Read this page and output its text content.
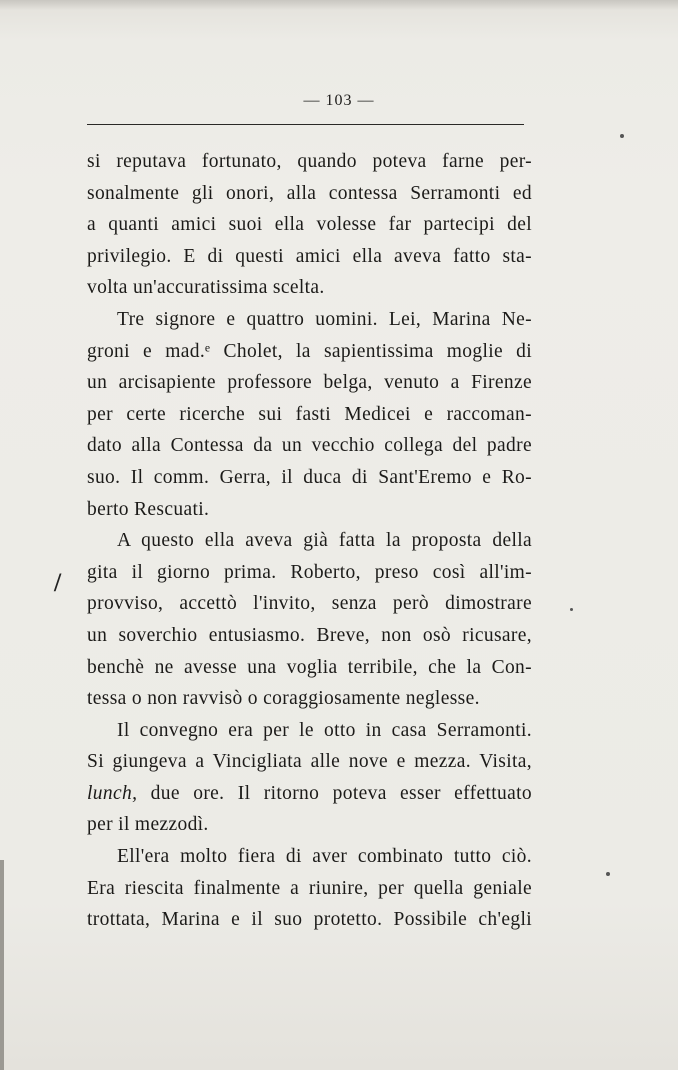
— 103 —
si reputava fortunato, quando poteva farne per-
sonalmente gli onori, alla contessa Serramonti ed
a quanti amici suoi ella volesse far partecipi del
privilegio. E di questi amici ella aveva fatto sta-
volta un'accuratissima scelta.
Tre signore e quattro uomini. Lei, Marina Ne-
groni e mad.ᵉ Cholet, la sapientissima moglie di
un arcisapiente professore belga, venuto a Firenze
per certe ricerche sui fasti Medicei e raccoman-
dato alla Contessa da un vecchio collega del padre
suo. Il comm. Gerra, il duca di Sant'Eremo e Ro-
berto Rescuati.
A questo ella aveva già fatta la proposta della
gita il giorno prima. Roberto, preso così all'im-
provviso, accettò l'invito, senza però dimostrare
un soverchio entusiasmo. Breve, non osò ricusare,
benchè ne avesse una voglia terribile, che la Con-
tessa o non ravvisò o coraggiosamente neglesse.
Il convegno era per le otto in casa Serramonti.
Si giungeva a Vincigliata alle nove e mezza. Visita,
lunch, due ore. Il ritorno poteva esser effettuato
per il mezzodì.
Ell'era molto fiera di aver combinato tutto ciò.
Era riescita finalmente a riunire, per quella geniale
trottata, Marina e il suo protetto. Possibile ch'egli
/
